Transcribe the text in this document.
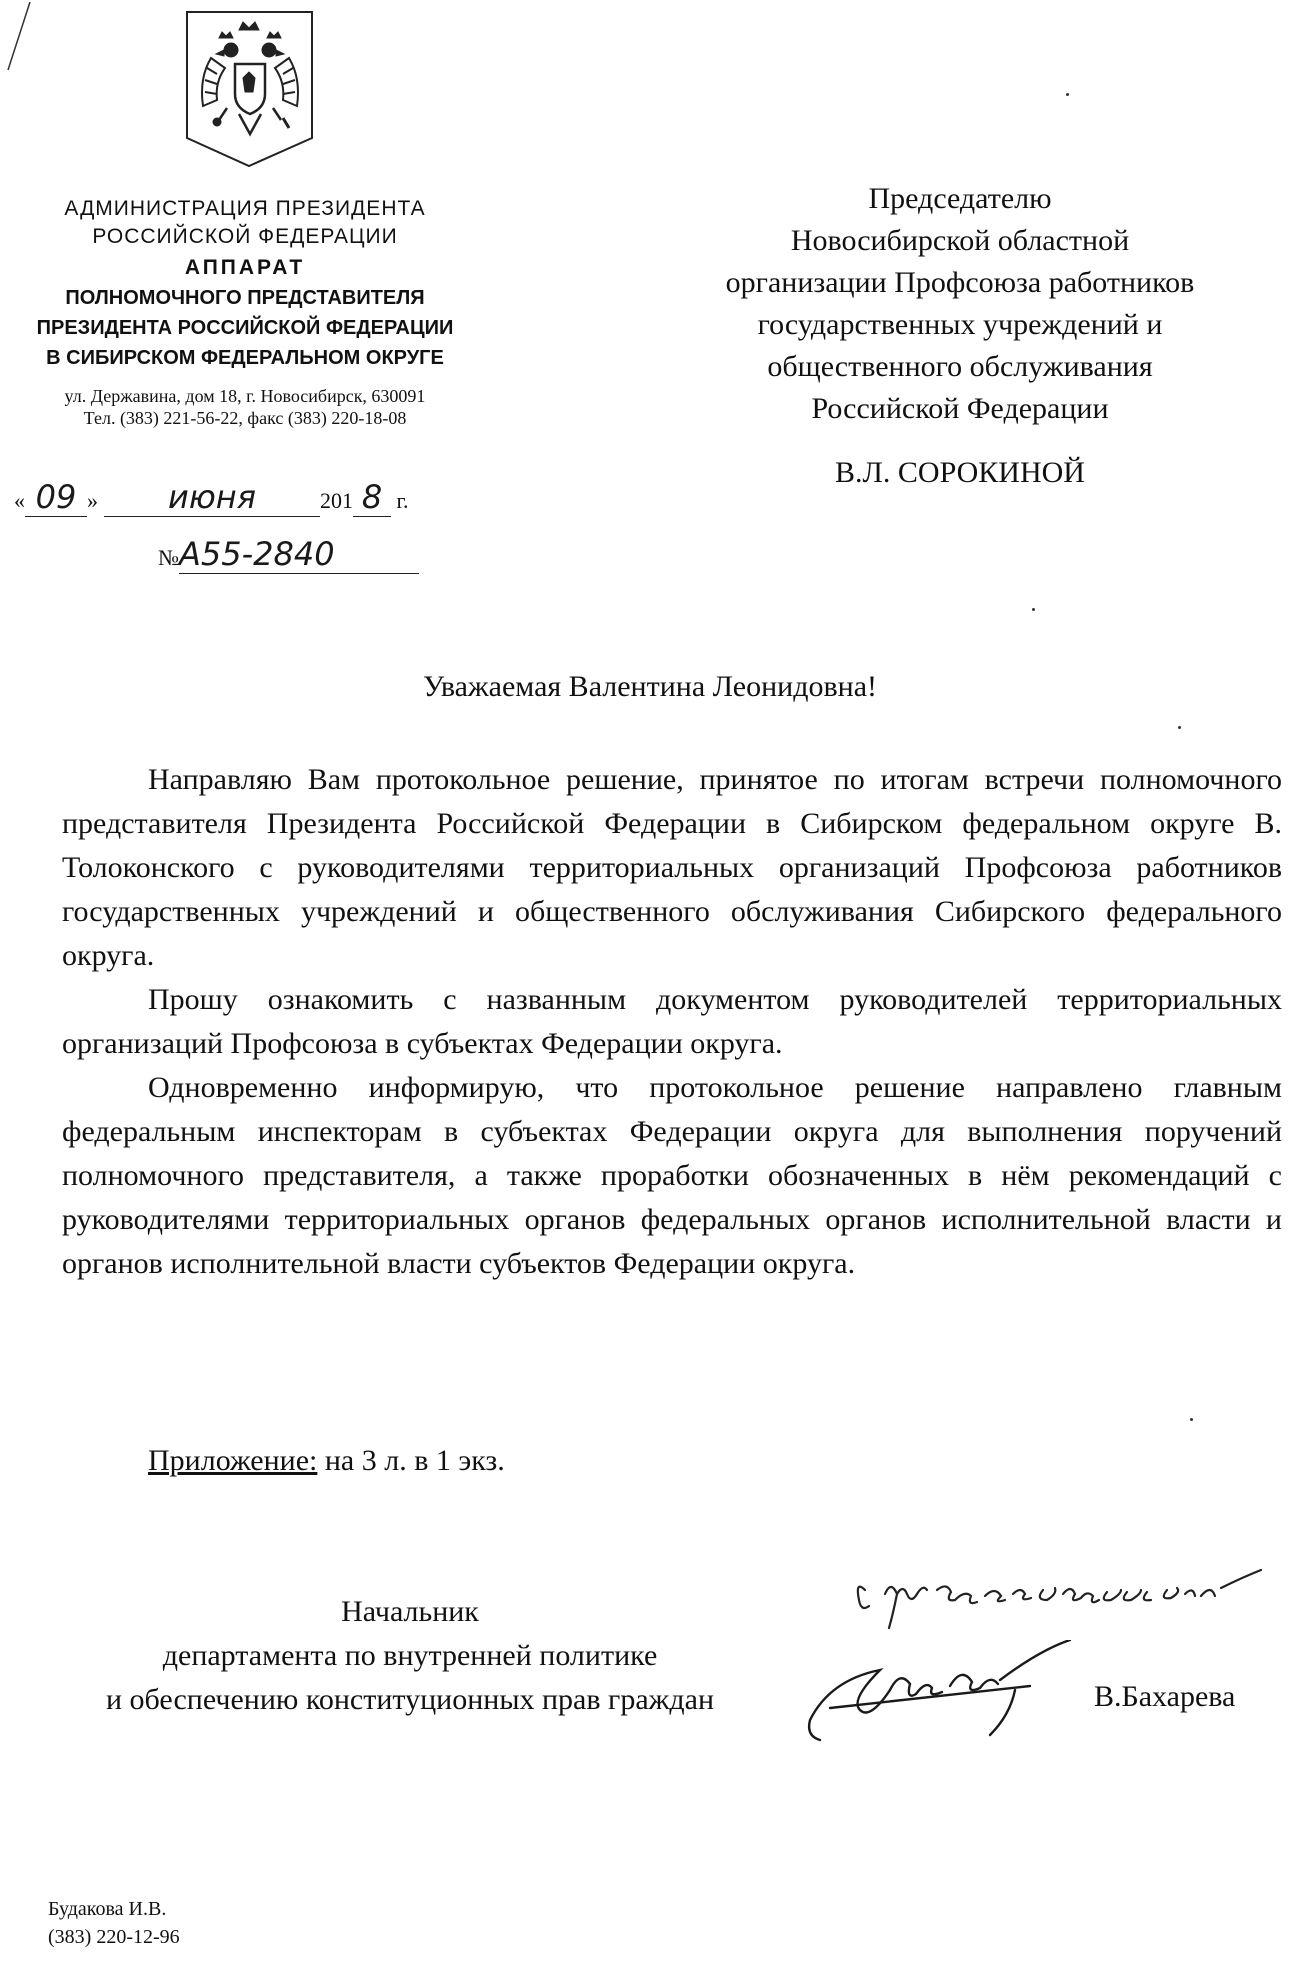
АДМИНИСТРАЦИЯ ПРЕЗИДЕНТА
РОССИЙСКОЙ ФЕДЕРАЦИИ
АППАРАТ
ПОЛНОМОЧНОГО ПРЕДСТАВИТЕЛЯ
ПРЕЗИДЕНТА РОССИЙСКОЙ ФЕДЕРАЦИИ
В СИБИРСКОМ ФЕДЕРАЛЬНОМ ОКРУГЕ
ул. Державина, дом 18, г. Новосибирск, 630091
Тел. (383) 221-56-22, факс (383) 220-18-08
« 09 » июня	201 8 г.
№А55-2840
Председателю
Новосибирской областной
организации Профсоюза работников
государственных учреждений и
общественного обслуживания
Российской Федерации
В.Л. СОРОКИНОЙ
Уважаемая Валентина Леонидовна!

Направляю Вам протокольное решение, принятое по итогам встречи полномочного представителя Президента Российской Федерации в Сибирском федеральном округе В. Толоконского с руководителями территориальных организаций Профсоюза работников государственных учреждений и общественного обслуживания Сибирского федерального округа.

Прошу ознакомить с названным документом руководителей территориальных организаций Профсоюза в субъектах Федерации округа.

Одновременно информирую, что протокольное решение направлено главным федеральным инспекторам в субъектах Федерации округа для выполнения поручений полномочного представителя, а также проработки обозначенных в нём рекомендаций с руководителями территориальных органов федеральных органов исполнительной власти и органов исполнительной власти субъектов Федерации округа.

Приложение: на 3 л. в 1 экз.
Начальник
департамента по внутренней политике
и обеспечению конституционных прав граждан	В.Бахарева
Будакова И.В.
(383) 220-12-96
